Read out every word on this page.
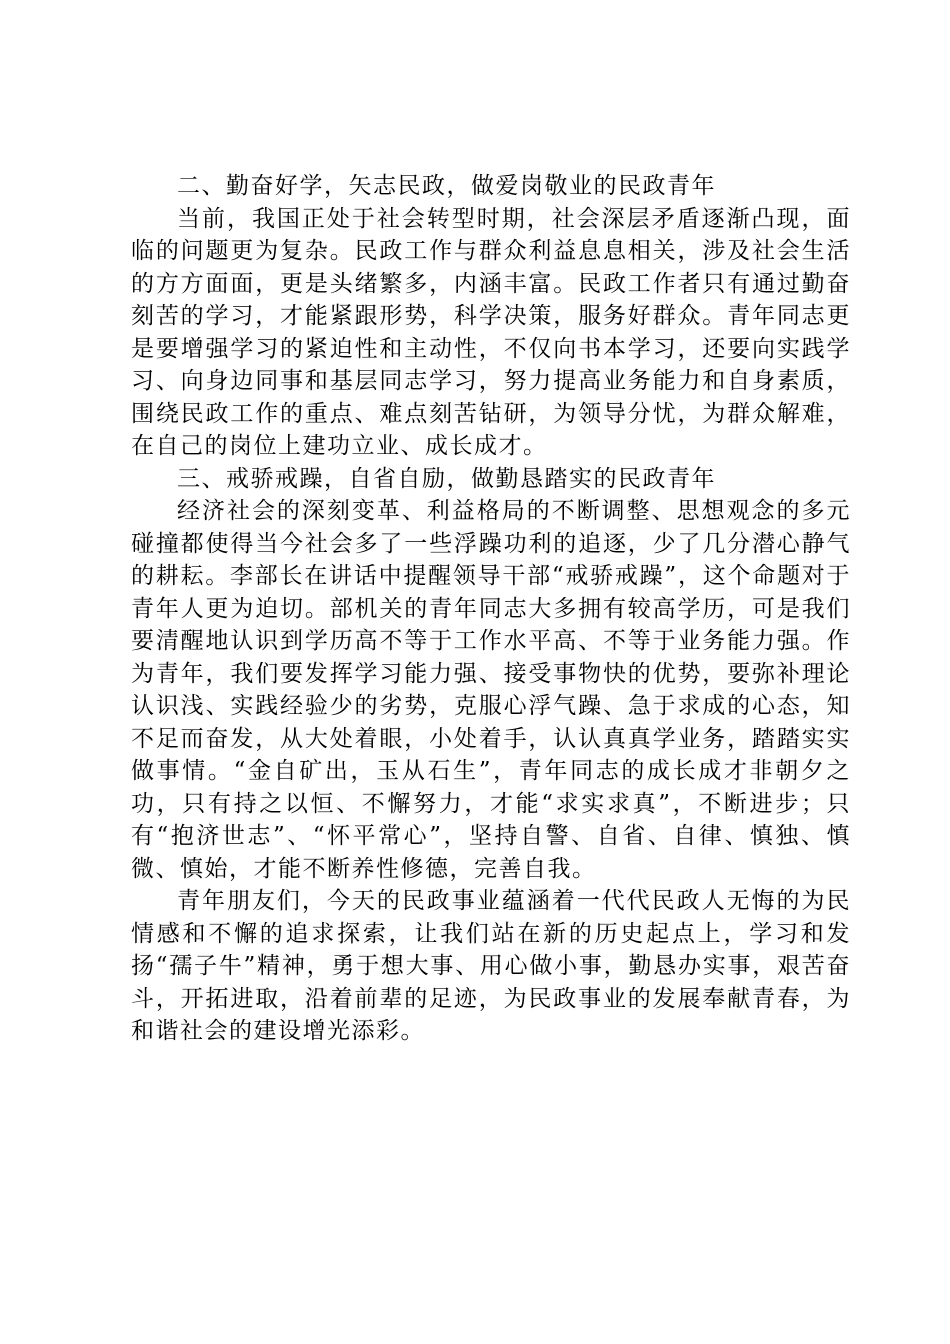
二、勤奋好学，矢志民政，做爱岗敬业的民政青年

当前，我国正处于社会转型时期，社会深层矛盾逐渐凸现，面临的问题更为复杂。民政工作与群众利益息息相关，涉及社会生活的方方面面，更是头绪繁多，内涵丰富。民政工作者只有通过勤奋刻苦的学习，才能紧跟形势，科学决策，服务好群众。青年同志更是要增强学习的紧迫性和主动性，不仅向书本学习，还要向实践学习、向身边同事和基层同志学习，努力提高业务能力和自身素质，围绕民政工作的重点、难点刻苦钻研，为领导分忧，为群众解难，在自己的岗位上建功立业、成长成才。

三、戒骄戒躁，自省自励，做勤恳踏实的民政青年

经济社会的深刻变革、利益格局的不断调整、思想观念的多元碰撞都使得当今社会多了一些浮躁功利的追逐，少了几分潜心静气的耕耘。李部长在讲话中提醒领导干部“戒骄戒躁”，这个命题对于青年人更为迫切。部机关的青年同志大多拥有较高学历，可是我们要清醒地认识到学历高不等于工作水平高、不等于业务能力强。作为青年，我们要发挥学习能力强、接受事物快的优势，要弥补理论认识浅、实践经验少的劣势，克服心浮气躁、急于求成的心态，知不足而奋发，从大处着眼，小处着手，认认真真学业务，踏踏实实做事情。“金自矿出，玉从石生”，青年同志的成长成才非朝夕之功，只有持之以恒、不懈努力，才能“求实求真”，不断进步；只有“抱济世志”、“怀平常心”，坚持自警、自省、自律、慎独、慎微、慎始，才能不断养性修德，完善自我。

青年朋友们，今天的民政事业蕴涵着一代代民政人无悔的为民情感和不懈的追求探索，让我们站在新的历史起点上，学习和发扬“孺子牛”精神，勇于想大事、用心做小事，勤恳办实事，艰苦奋斗，开拓进取，沿着前辈的足迹，为民政事业的发展奉献青春，为和谐社会的建设增光添彩。
